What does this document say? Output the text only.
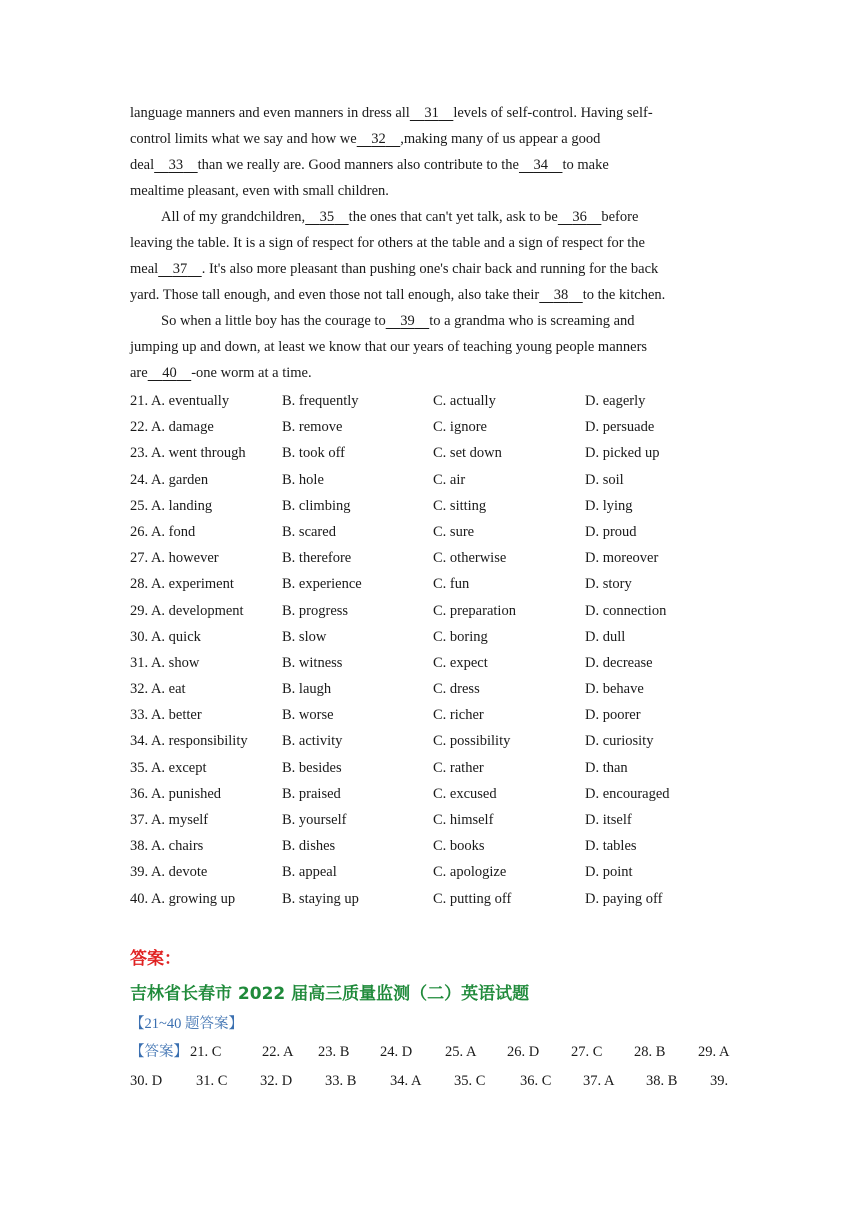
language manners and even manners in dress all 31 levels of self-control. Having self-
control limits what we say and how we 32 ,making many of us appear a good
deal 33 than we really are. Good manners also contribute to the 34 to make
mealtime pleasant, even with small children.
All of my grandchildren, 35 the ones that can't yet talk, ask to be 36 before
leaving the table. It is a sign of respect for others at the table and a sign of respect for the
meal 37 . It's also more pleasant than pushing one's chair back and running for the back
yard. Those tall enough, and even those not tall enough, also take their 38 to the kitchen.
So when a little boy has the courage to 39 to a grandma who is screaming and
jumping up and down, at least we know that our years of teaching young people manners
are 40 -one worm at a time.
21. A. eventually	B. frequently	C. actually	D. eagerly
22. A. damage	B. remove	C. ignore	D. persuade
23. A. went through	B. took off	C. set down	D. picked up
24. A. garden	B. hole	C. air	D. soil
25. A. landing	B. climbing	C. sitting	D. lying
26. A. fond	B. scared	C. sure	D. proud
27. A. however	B. therefore	C. otherwise	D. moreover
28. A. experiment	B. experience	C. fun	D. story
29. A. development	B. progress	C. preparation	D. connection
30. A. quick	B. slow	C. boring	D. dull
31. A. show	B. witness	C. expect	D. decrease
32. A. eat	B. laugh	C. dress	D. behave
33. A. better	B. worse	C. richer	D. poorer
34. A. responsibility B. activity	C. possibility	D. curiosity
35. A. except	B. besides	C. rather	D. than
36. A. punished	B. praised	C. excused	D. encouraged
37. A. myself	B. yourself	C. himself	D. itself
38. A. chairs	B. dishes	C. books	D. tables
39. A. devote	B. appeal	C. apologize	D. point
40. A. growing up	B. staying up	C. putting off	D. paying off
答案：
吉林省长春市 2022 届高三质量监测（二）英语试题
【21~40 题答案】
【答案】 21. C	22. A 23. B 24. D 25. A 26. D 27. C 28. B 29. A
30. D 31. C 32. D 33. B 34. A 35. C 36. C 37. A 38. B 39.
